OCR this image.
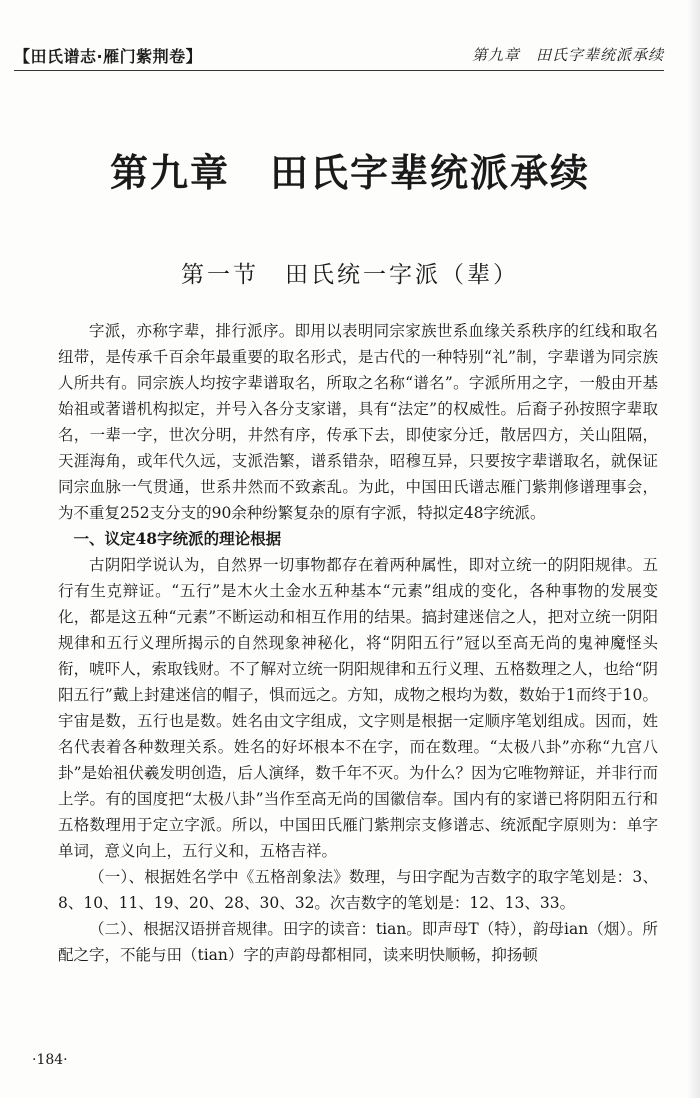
【田氏谱志·雁门紫荆卷】	第九章　田氏字辈统派承续
第九章　田氏字辈统派承续
第一节　田氏统一字派（辈）

字派，亦称字辈，排行派序。即用以表明同宗家族世系血缘关系秩序的红线和取名纽带，是传承千百余年最重要的取名形式，是古代的一种特别“礼”制，字辈谱为同宗族人所共有。同宗族人均按字辈谱取名，所取之名称“谱名”。字派所用之字，一般由开基始祖或著谱机构拟定，并号入各分支家谱，具有“法定”的权威性。后裔子孙按照字辈取名，一辈一字，世次分明，井然有序，传承下去，即使家分迁，散居四方，关山阻隔，天涯海角，或年代久远，支派浩繁，谱系错杂，昭穆互异，只要按字辈谱取名，就保证同宗血脉一气贯通，世系井然而不致紊乱。为此，中国田氏谱志雁门紫荆修谱理事会，为不重复252支分支的90余种纷繁复杂的原有字派，特拟定48字统派。

一、议定48字统派的理论根据

古阴阳学说认为，自然界一切事物都存在着两种属性，即对立统一的阴阳规律。五行有生克辩证。“五行”是木火土金水五种基本“元素”组成的变化，各种事物的发展变化，都是这五种“元素”不断运动和相互作用的结果。搞封建迷信之人，把对立统一阴阳规律和五行义理所揭示的自然现象神秘化，将“阴阳五行”冠以至高无尚的鬼神魔怪头衔，唬吓人，索取钱财。不了解对立统一阴阳规律和五行义理、五格数理之人，也给“阴阳五行”戴上封建迷信的帽子，惧而远之。方知，成物之根均为数，数始于1而终于10。宇宙是数，五行也是数。姓名由文字组成，文字则是根据一定顺序笔划组成。因而，姓名代表着各种数理关系。姓名的好坏根本不在字，而在数理。“太极八卦”亦称“九宫八卦”是始祖伏羲发明创造，后人演绎，数千年不灭。为什么？因为它唯物辩证，并非行而上学。有的国度把“太极八卦”当作至高无尚的国徽信奉。国内有的家谱已将阴阳五行和五格数理用于定立字派。所以，中国田氏雁门紫荆宗支修谱志、统派配字原则为：单字单词，意义向上，五行义和，五格吉祥。

（一）、根据姓名学中《五格剖象法》数理，与田字配为吉数字的取字笔划是：3、8、10、11、19、20、28、30、32。次吉数字的笔划是：12、13、33。

（二）、根据汉语拼音规律。田字的读音：tian。即声母T（特），韵母ian（烟）。所配之字，不能与田（tian）字的声韵母都相同，读来明快顺畅，抑扬顿

·184·
